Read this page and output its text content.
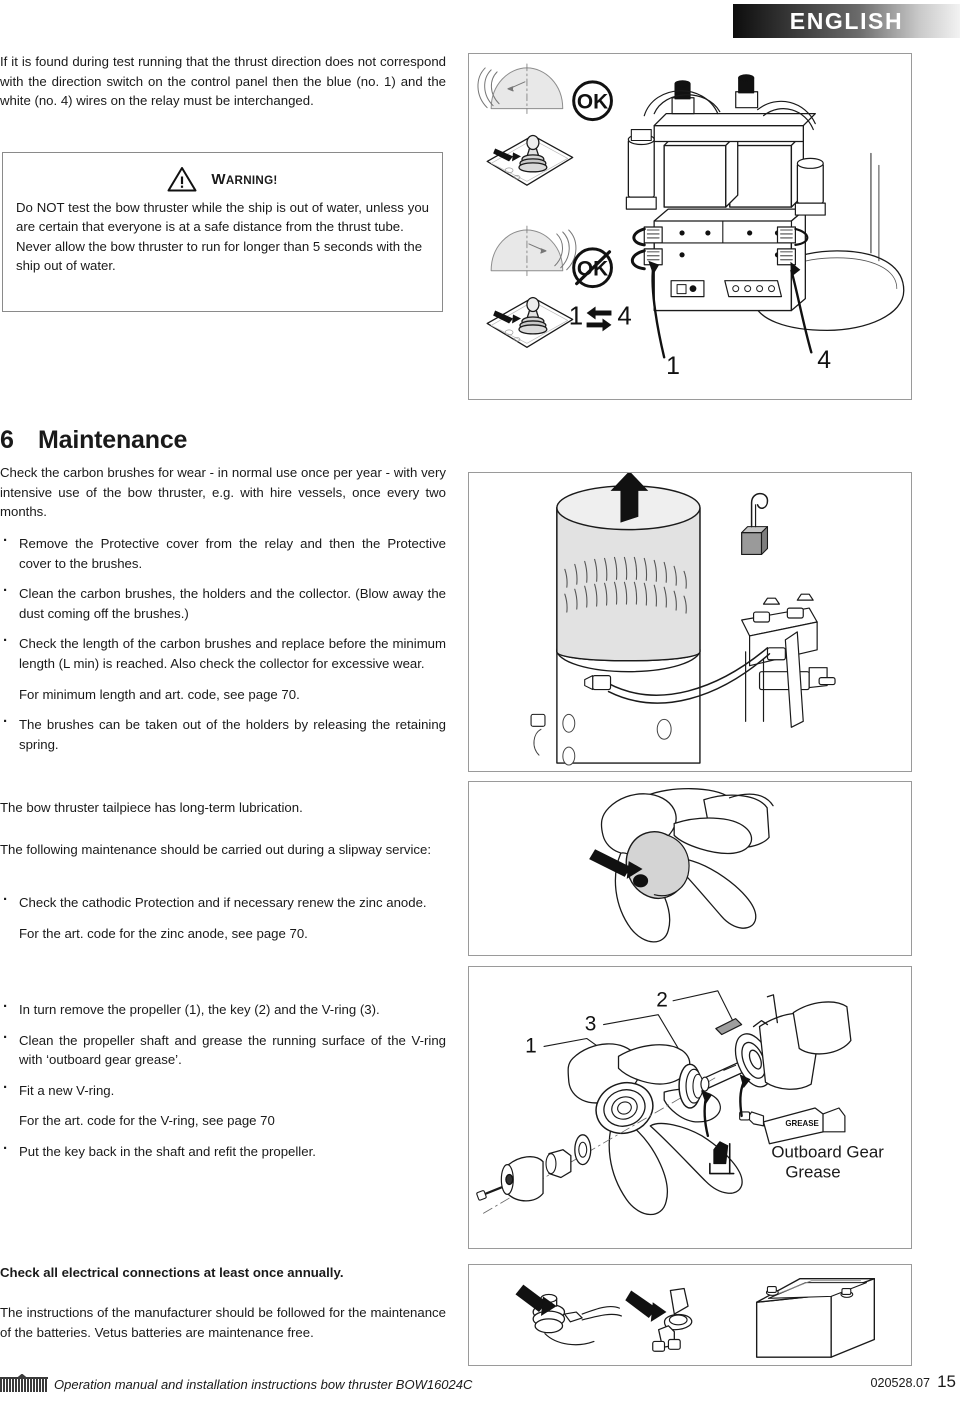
ENGLISH

If it is found during test running that the thrust direction does not correspond with the direction switch on the control panel then the blue (no. 1) and the white (no. 4) wires on the relay must be interchanged.

WARNING!
Do NOT test the bow thruster while the ship is out of water, unless you are certain that everyone is at a safe distance from the thrust tube.
Never allow the bow thruster to run for longer than 5 seconds with the ship out of water.
OK
OK
1 4
1	4
6 Maintenance

Check the carbon brushes for wear - in normal use once per year - with very intensive use of the bow thruster, e.g. with hire vessels, once every two months.

· Remove the Protective cover from the relay and then the Protective cover to the brushes.
· Clean the carbon brushes, the holders and the collector. (Blow away the dust coming off the brushes.)
· Check the length of the carbon brushes and replace before the minimum length (L min) is reached. Also check the collector for excessive wear.
For minimum length and art. code, see page 70.
· The brushes can be taken out of the holders by releasing the retaining spring.

The bow thruster tailpiece has long-term lubrication.

The following maintenance should be carried out during a slipway service:

· Check the cathodic Protection and if necessary renew the zinc anode.
For the art. code for the zinc anode, see page 70.
· In turn remove the propeller (1), the key (2) and the V-ring (3).
· Clean the propeller shaft and grease the running surface of the V-ring with ‘outboard gear grease’.
· Fit a new V-ring.
For the art. code for the V-ring, see page 70
· Put the key back in the shaft and refit the propeller.
1
3
2
GREASE
Outboard Gear
Grease

Check all electrical connections at least once annually.

The instructions of the manufacturer should be followed for the maintenance of the batteries. Vetus batteries are maintenance free.

Operation manual and installation instructions bow thruster BOW16024C	020528.07 15
